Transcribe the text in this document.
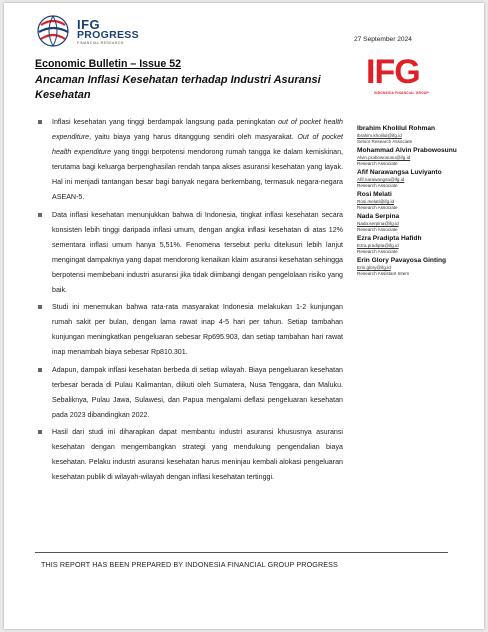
IFG
PROGRESS
FINANCIAL RESEARCH	27 September 2024
Economic Bulletin – Issue 52
Ancaman Inflasi Kesehatan terhadap Industri Asuransi Kesehatan
IFG
INDONESIA FINANCIAL GROUP
Inflasi kesehatan yang tinggi berdampak langsung pada peningkatan out of pocket health expenditure, yaitu biaya yang harus ditanggung sendiri oleh masyarakat. Out of pocket health expenditure yang tinggi berpotensi mendorong rumah tangga ke dalam kemiskinan, terutama bagi keluarga berpenghasilan rendah tanpa akses asuransi kesehatan yang layak. Hal ini menjadi tantangan besar bagi banyak negara berkembang, termasuk negara-negara ASEAN-5.
Data inflasi kesehatan menunjukkan bahwa di Indonesia, tingkat inflasi kesehatan secara konsisten lebih tinggi daripada inflasi umum, dengan angka inflasi kesehatan di atas 12% sementara inflasi umum hanya 5,51%. Fenomena tersebut perlu ditelusuri lebih lanjut mengingat dampaknya yang dapat mendorong kenaikan klaim asuransi kesehatan sehingga berpotensi membebani industri asuransi jika tidak diimbangi dengan pengelolaan risiko yang baik.
Studi ini menemukan bahwa rata-rata masyarakat Indonesia melakukan 1-2 kunjungan rumah sakit per bulan, dengan lama rawat inap 4-5 hari per tahun. Setiap tambahan kunjungan meningkatkan pengeluaran sebesar Rp695.903, dan setiap tambahan hari rawat inap menambah biaya sebesar Rp810.301.
Adapun, dampak inflasi kesehatan berbeda di setiap wilayah. Biaya pengeluaran kesehatan terbesar berada di Pulau Kalimantan, diikuti oleh Sumatera, Nusa Tenggara, dan Maluku. Sebaliknya, Pulau Jawa, Sulawesi, dan Papua mengalami deflasi pengeluaran kesehatan pada 2023 dibandingkan 2022.
Hasil dari studi ini diharapkan dapat membantu industri asuransi khususnya asuransi kesehatan dengan mengembangkan strategi yang mendukung pengendalian biaya kesehatan. Pelaku industri asuransi kesehatan harus meninjau kembali alokasi pengeluaran kesehatan publik di wilayah-wilayah dengan inflasi kesehatan tertinggi.
Ibrahim Kholilul Rohman
ibrahim.kholilul@ifg.id
Senior Research Associate
Mohammad Alvin Prabowosunu
Alvin.prabowosunu@ifg.id
Research Associate
Afif Narawangsa Luviyanto
Afif.narawangsa@ifg.id
Research Associate
Rosi Melati
Rosi.melati@ifg.id
Research Associate
Nada Serpina
Nada.serpina@ifg.id
Research Associate
Ezra Pradipta Hafidh
Ezra.pradipta@ifg.id
Research Associate
Erin Glory Pavayosa Ginting
Erin.glory@ifg.id
Research Assistant Intern
THIS REPORT HAS BEEN PREPARED BY INDONESIA FINANCIAL GROUP PROGRESS
